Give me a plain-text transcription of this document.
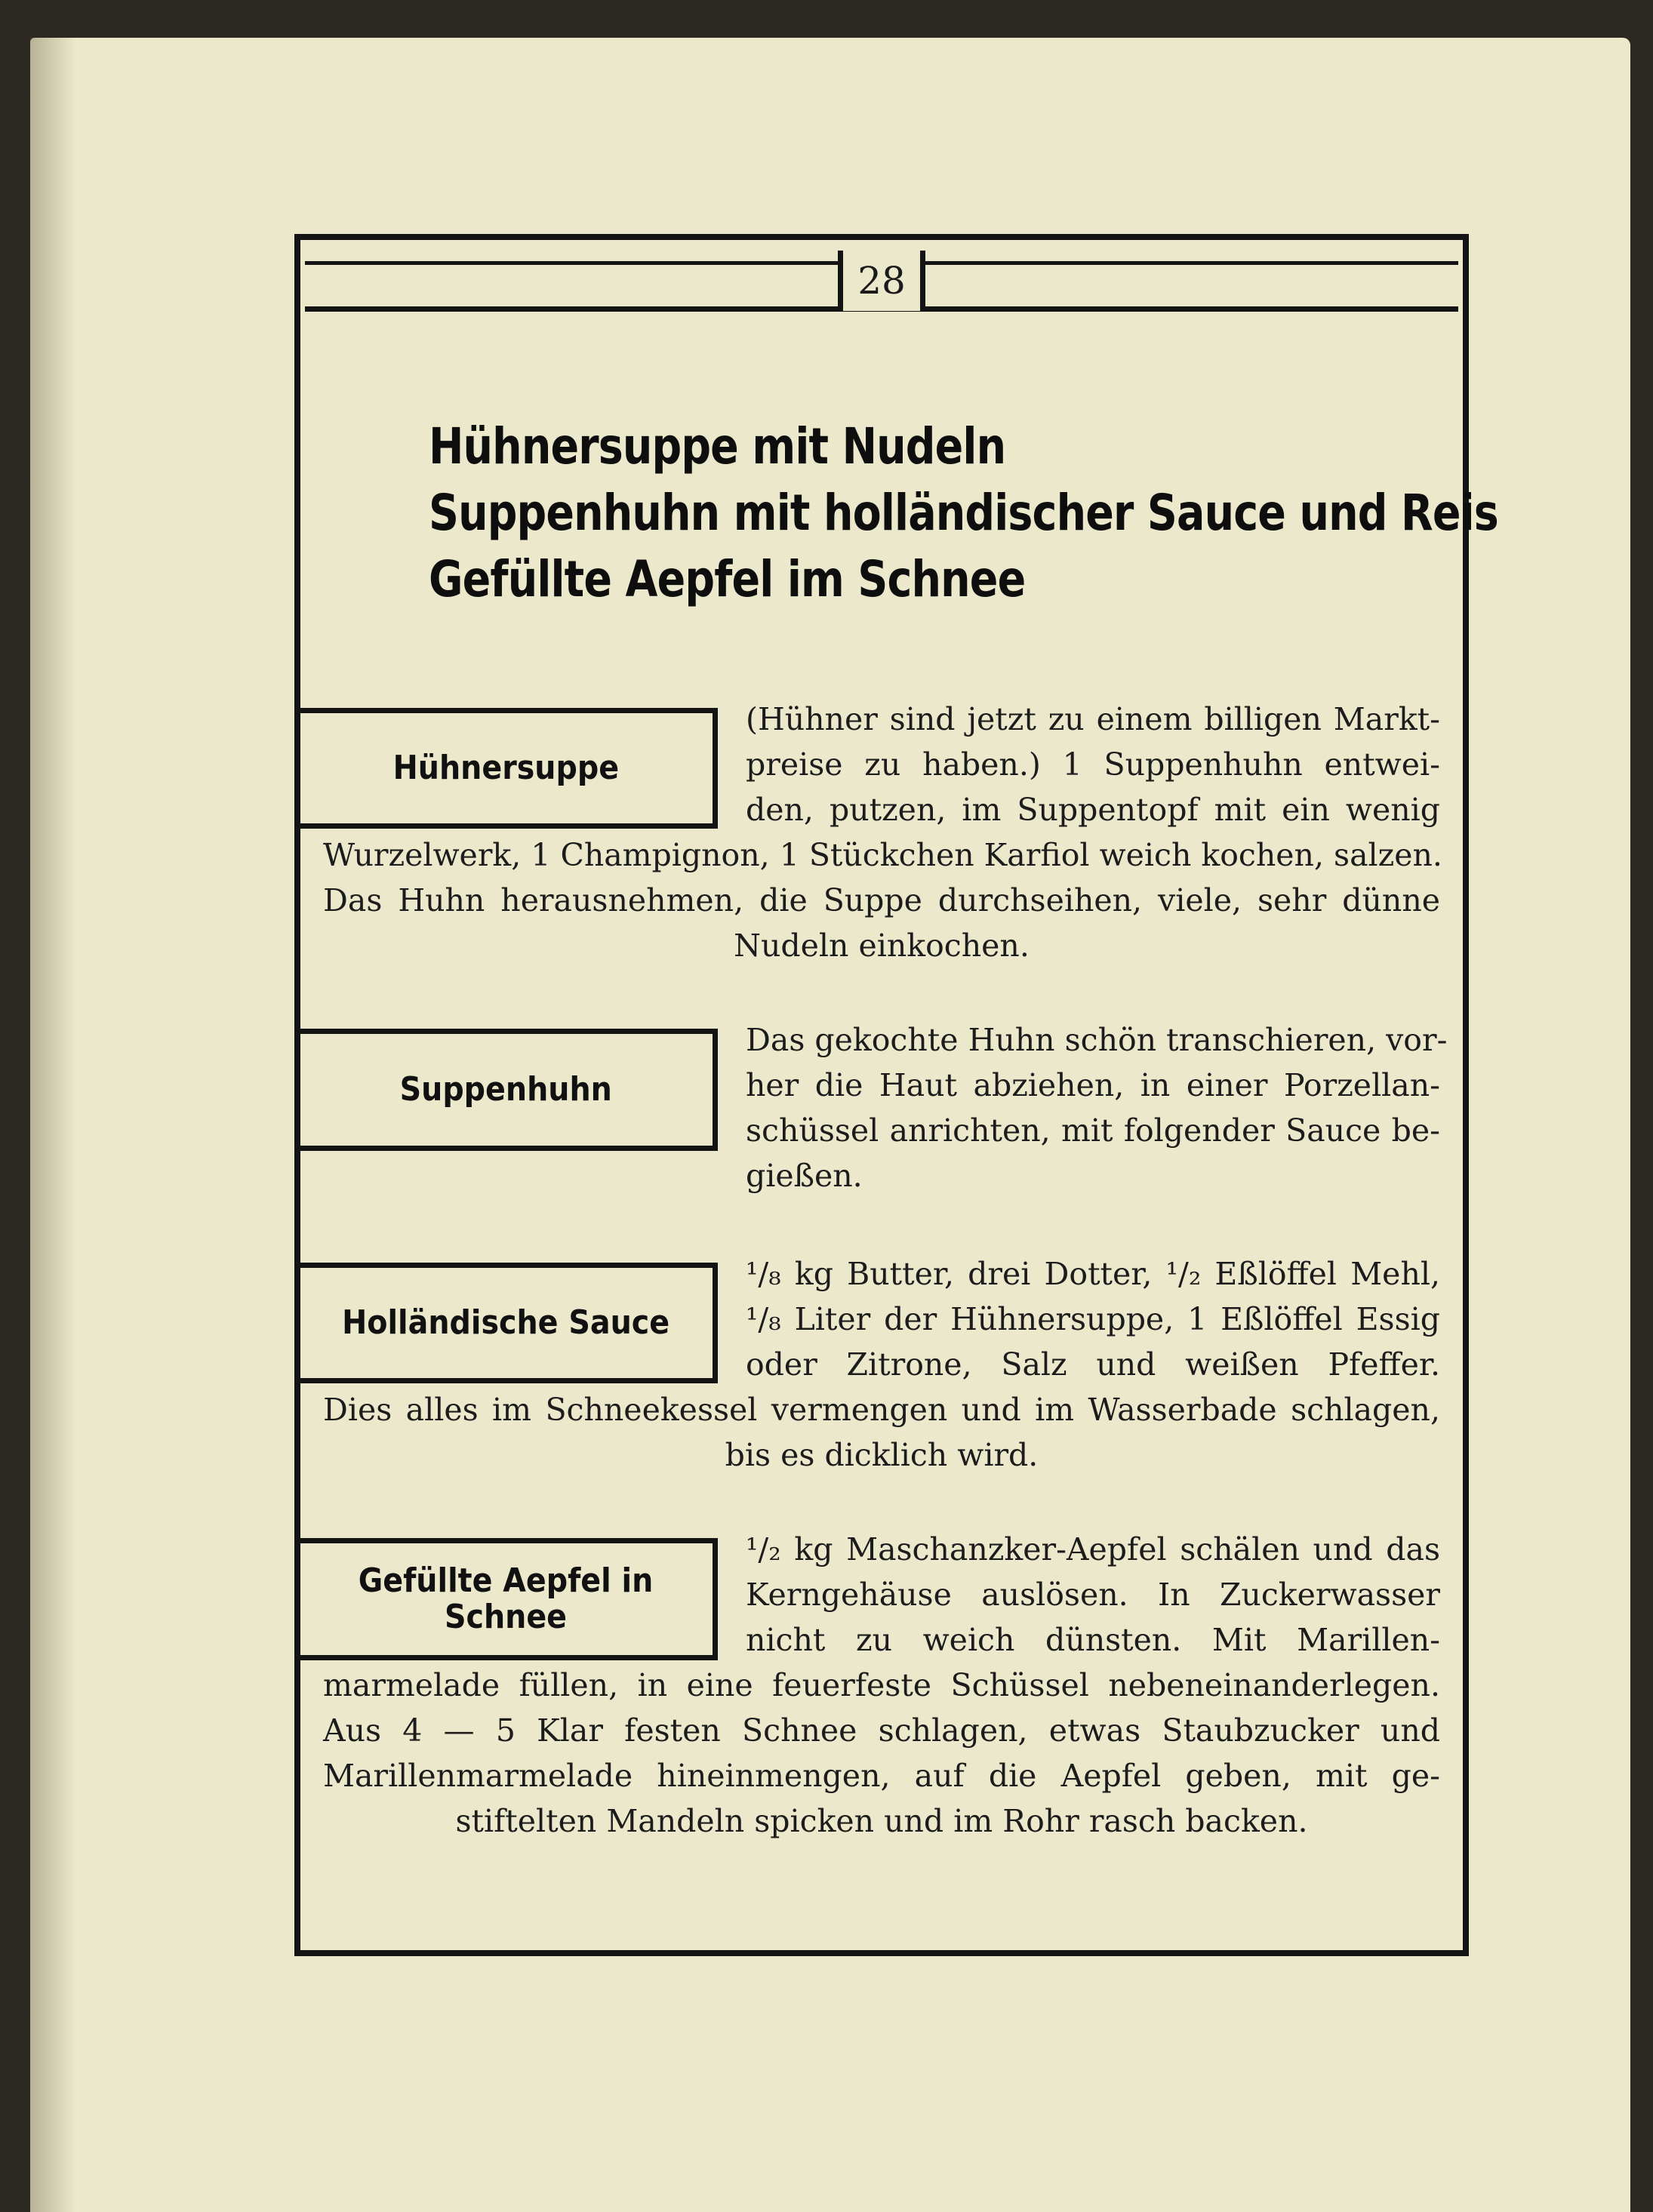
28
Hühnersuppe mit Nudeln
Suppenhuhn mit holländischer Sauce und Reis
Gefüllte Aepfel im Schnee
Hühnersuppe
(Hühner sind jetzt zu einem billigen Markt-
preise zu haben.) 1 Suppenhuhn entwei-
den, putzen, im Suppentopf mit ein wenig
Wurzelwerk, 1 Champignon, 1 Stückchen Karfiol weich kochen, salzen.
Das Huhn herausnehmen, die Suppe durchseihen, viele, sehr dünne
Nudeln einkochen.
Suppenhuhn
Das gekochte Huhn schön transchieren, vor-
her die Haut abziehen, in einer Porzellan-
schüssel anrichten, mit folgender Sauce be-
gießen.
Holländische Sauce
¹/₈ kg Butter, drei Dotter, ¹/₂ Eßlöffel Mehl,
¹/₈ Liter der Hühnersuppe, 1 Eßlöffel Essig
oder Zitrone, Salz und weißen Pfeffer.
Dies alles im Schneekessel vermengen und im Wasserbade schlagen,
bis es dicklich wird.
Gefüllte Aepfel in Schnee
¹/₂ kg Maschanzker-Aepfel schälen und das
Kerngehäuse auslösen. In Zuckerwasser
nicht zu weich dünsten. Mit Marillen-
marmelade füllen, in eine feuerfeste Schüssel nebeneinanderlegen.
Aus 4 — 5 Klar festen Schnee schlagen, etwas Staubzucker und
Marillenmarmelade hineinmengen, auf die Aepfel geben, mit ge-
stiftelten Mandeln spicken und im Rohr rasch backen.
